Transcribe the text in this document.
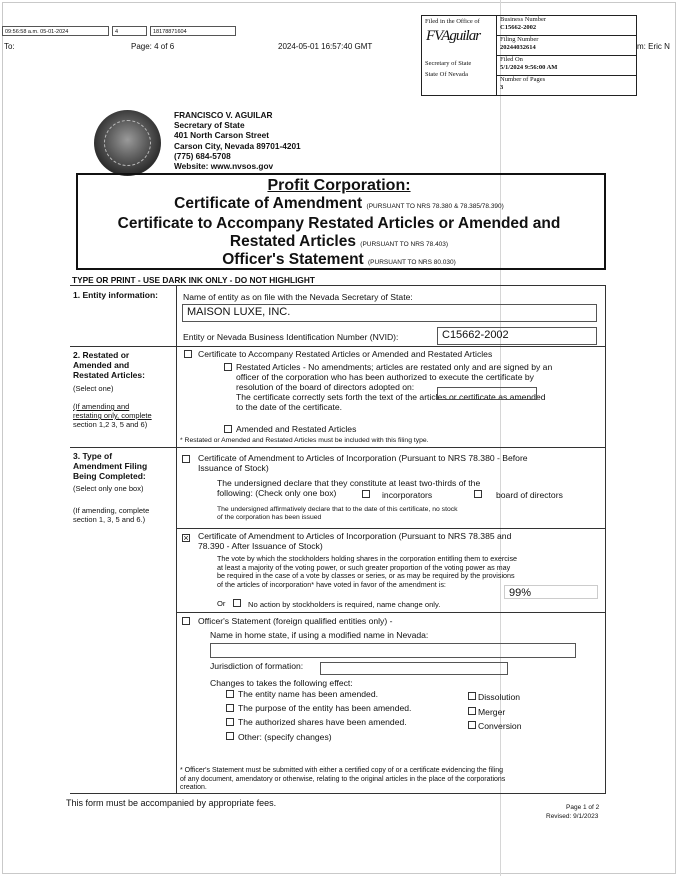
09:56:58 a.m. 05-01-2024	4	18178871604
To:	Page: 4 of 6	2024-05-01 16:57:40 GMT	m: Eric N
Filed in the Office of
FVAguilar
Secretary of State
State Of Nevada
Business Number
C15662-2002
Filing Number
20244032614
Filed On
5/1/2024 9:56:00 AM
Number of Pages
3
FRANCISCO V. AGUILAR
Secretary of State
401 North Carson Street
Carson City, Nevada 89701-4201
(775) 684-5708
Website: www.nvsos.gov
Profit Corporation:
Certificate of Amendment (PURSUANT TO NRS 78.380 & 78.385/78.390)
Certificate to Accompany Restated Articles or Amended and
Restated Articles (PURSUANT TO NRS 78.403)
Officer's Statement (PURSUANT TO NRS 80.030)
TYPE OR PRINT - USE DARK INK ONLY - DO NOT HIGHLIGHT
1. Entity information:	Name of entity as on file with the Nevada Secretary of State:
MAISON LUXE, INC.
Entity or Nevada Business Identification Number (NVID):	C15662-2002
2. Restated or
Amended and
Restated Articles:
(Select one)
(If amending and
restating only, complete
section 1,2 3, 5 and 6)
Certificate to Accompany Restated Articles or Amended and Restated Articles
Restated Articles - No amendments; articles are restated only and are signed by an
officer of the corporation who has been authorized to execute the certificate by
resolution of the board of directors adopted on:
The certificate correctly sets forth the text of the articles or certificate as amended
to the date of the certificate.
Amended and Restated Articles
* Restated or Amended and Restated Articles must be included with this filing type.
3. Type of
Amendment Filing
Being Completed:
(Select only one box)
(If amending, complete
section 1, 3, 5 and 6.)
Certificate of Amendment to Articles of Incorporation (Pursuant to NRS 78.380 - Before
Issuance of Stock)
The undersigned declare that they constitute at least two-thirds of the
following: (Check only one box)	incorporators	board of directors
The undersigned affirmatively declare that to the date of this certificate, no stock
of the corporation has been issued
× Certificate of Amendment to Articles of Incorporation (Pursuant to NRS 78.385 and
78.390 - After Issuance of Stock)
The vote by which the stockholders holding shares in the corporation entitling them to exercise
at least a majority of the voting power, or such greater proportion of the voting power as may
be required in the case of a vote by classes or series, or as may be required by the provisions
of the articles of incorporation* have voted in favor of the amendment is:
99%
Or	No action by stockholders is required, name change only.
Officer's Statement (foreign qualified entities only) -
Name in home state, if using a modified name in Nevada:
Jurisdiction of formation:
Changes to takes the following effect:
The entity name has been amended.
The purpose of the entity has been amended.
The authorized shares have been amended.
Other: (specify changes)
Dissolution
Merger
Conversion
* Officer's Statement must be submitted with either a certified copy of or a certificate evidencing the filing
of any document, amendatory or otherwise, relating to the original articles in the place of the corporations
creation.
This form must be accompanied by appropriate fees.	Page 1 of 2
Revised: 9/1/2023
